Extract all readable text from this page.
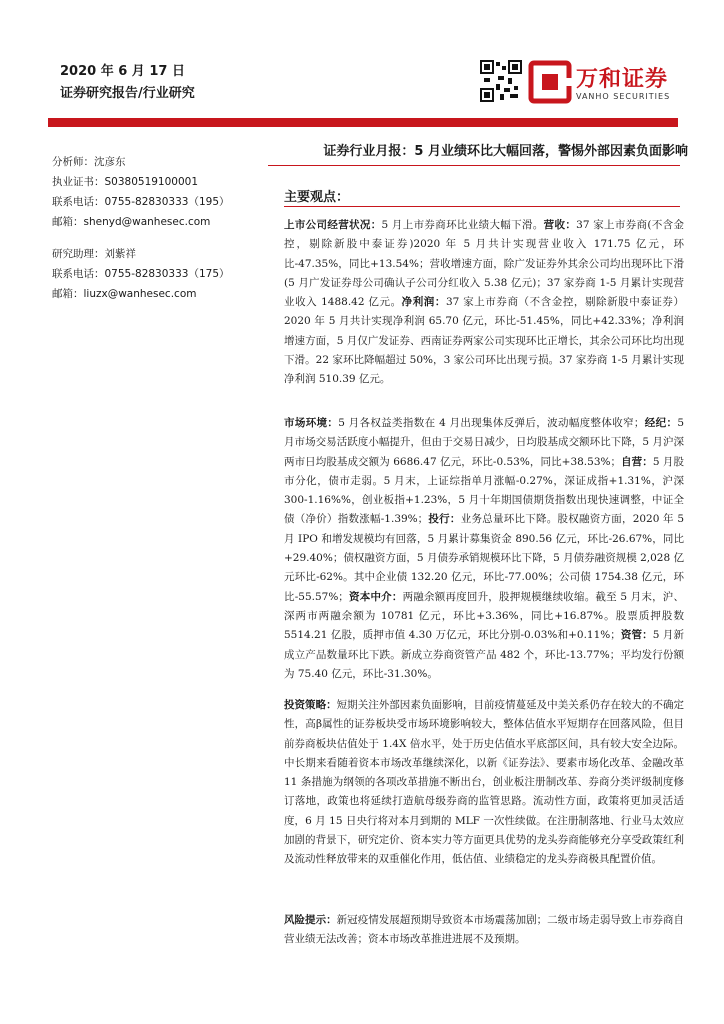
2020 年 6 月 17 日
证券研究报告/行业研究
万和证券
VANHO SECURITIES
分析师：沈彦东
执业证书：S0380519100001
联系电话：0755-82830333（195）
邮箱：shenyd@wanhesec.com
研究助理：刘紫祥
联系电话：0755-82830333（175）
邮箱：liuzx@wanhesec.com
证券行业月报：5 月业绩环比大幅回落，警惕外部因素负面影响
主要观点：
上市公司经营状况：5 月上市券商环比业绩大幅下滑。营收：37 家上市券商(不含金控，剔除新股中泰证券)2020 年 5 月共计实现营业收入 171.75 亿元，环比-47.35%，同比+13.54%；营收增速方面，除广发证券外其余公司均出现环比下滑(5 月广发证券母公司确认子公司分红收入 5.38 亿元)；37 家券商 1-5 月累计实现营业收入 1488.42 亿元。净利润：37 家上市券商（不含金控，剔除新股中泰证券）2020 年 5 月共计实现净利润 65.70 亿元，环比-51.45%，同比+42.33%；净利润增速方面，5 月仅广发证券、西南证券两家公司实现环比正增长，其余公司环比均出现下滑。22 家环比降幅超过 50%，3 家公司环比出现亏损。37 家券商 1-5 月累计实现净利润 510.39 亿元。
市场环境：5 月各权益类指数在 4 月出现集体反弹后，波动幅度整体收窄；经纪：5 月市场交易活跃度小幅提升，但由于交易日减少，日均股基成交额环比下降，5 月沪深两市日均股基成交额为 6686.47 亿元，环比-0.53%，同比+38.53%；自营：5 月股市分化，债市走弱。5 月末，上证综指单月涨幅-0.27%，深证成指+1.31%，沪深 300-1.16%%，创业板指+1.23%，5 月十年期国债期货指数出现快速调整，中证全债（净价）指数涨幅-1.39%；投行：业务总量环比下降。股权融资方面，2020 年 5 月 IPO 和增发规模均有回落，5 月累计募集资金 890.56 亿元，环比-26.67%，同比+29.40%；债权融资方面，5 月债券承销规模环比下降，5 月债券融资规模 2,028 亿元环比-62%。其中企业债 132.20 亿元，环比-77.00%；公司债 1754.38 亿元，环比-55.57%；资本中介：两融余额再度回升，股押规模继续收缩。截至 5 月末，沪、深两市两融余额为 10781 亿元，环比+3.36%，同比+16.87%。股票质押股数 5514.21 亿股，质押市值 4.30 万亿元，环比分别-0.03%和+0.11%；资管：5 月新成立产品数量环比下跌。新成立券商资管产品 482 个，环比-13.77%；平均发行份额为 75.40 亿元，环比-31.30%。
投资策略：短期关注外部因素负面影响，目前疫情蔓延及中美关系仍存在较大的不确定性，高β属性的证券板块受市场环境影响较大，整体估值水平短期存在回落风险，但目前券商板块估值处于 1.4X 倍水平，处于历史估值水平底部区间，具有较大安全边际。中长期来看随着资本市场改革继续深化，以新《证券法》、要素市场化改革、金融改革 11 条措施为纲领的各项改革措施不断出台，创业板注册制改革、券商分类评级制度修订落地，政策也将延续打造航母级券商的监管思路。流动性方面，政策将更加灵活适度，6 月 15 日央行将对本月到期的 MLF 一次性续做。在注册制落地、行业马太效应加剧的背景下，研究定价、资本实力等方面更具优势的龙头券商能够充分享受政策红利及流动性释放带来的双重催化作用，低估值、业绩稳定的龙头券商极具配置价值。
风险提示：新冠疫情发展超预期导致资本市场震荡加剧；二级市场走弱导致上市券商自营业绩无法改善；资本市场改革推进进展不及预期。
